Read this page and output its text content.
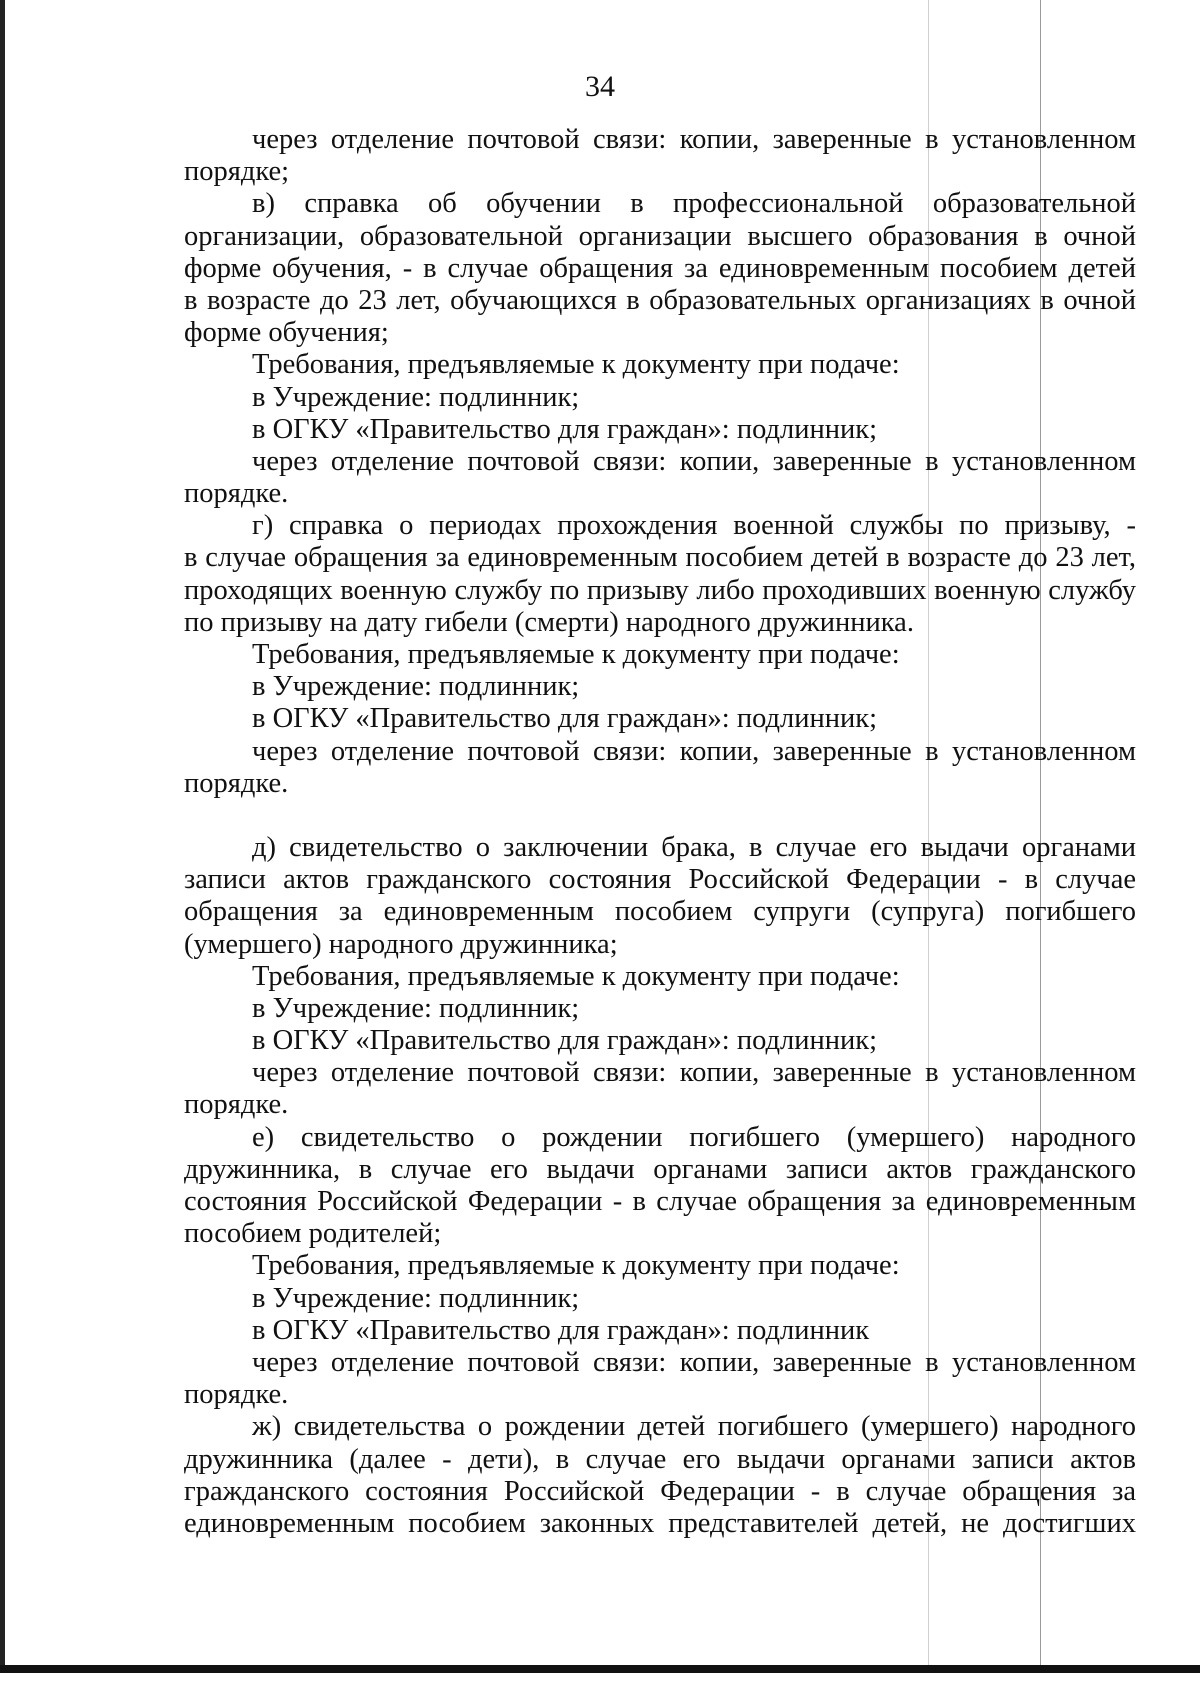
34
через отделение почтовой связи: копии, заверенные в установленном
порядке;
в) справка об обучении в профессиональной образовательной
организации, образовательной организации высшего образования в очной
форме обучения, - в случае обращения за единовременным пособием детей
в возрасте до 23 лет, обучающихся в образовательных организациях в очной
форме обучения;
Требования, предъявляемые к документу при подаче:
в Учреждение: подлинник;
в ОГКУ «Правительство для граждан»: подлинник;
через отделение почтовой связи: копии, заверенные в установленном
порядке.
г) справка о периодах прохождения военной службы по призыву, -
в случае обращения за единовременным пособием детей в возрасте до 23 лет,
проходящих военную службу по призыву либо проходивших военную службу
по призыву на дату гибели (смерти) народного дружинника.
Требования, предъявляемые к документу при подаче:
в Учреждение: подлинник;
в ОГКУ «Правительство для граждан»: подлинник;
через отделение почтовой связи: копии, заверенные в установленном
порядке.
д) свидетельство о заключении брака, в случае его выдачи органами
записи актов гражданского состояния Российской Федерации - в случае
обращения за единовременным пособием супруги (супруга) погибшего
(умершего) народного дружинника;
Требования, предъявляемые к документу при подаче:
в Учреждение: подлинник;
в ОГКУ «Правительство для граждан»: подлинник;
через отделение почтовой связи: копии, заверенные в установленном
порядке.
е) свидетельство о рождении погибшего (умершего) народного
дружинника, в случае его выдачи органами записи актов гражданского
состояния Российской Федерации - в случае обращения за единовременным
пособием родителей;
Требования, предъявляемые к документу при подаче:
в Учреждение: подлинник;
в ОГКУ «Правительство для граждан»: подлинник
через отделение почтовой связи: копии, заверенные в установленном
порядке.
ж) свидетельства о рождении детей погибшего (умершего) народного
дружинника (далее - дети), в случае его выдачи органами записи актов
гражданского состояния Российской Федерации - в случае обращения за
единовременным пособием законных представителей детей, не достигших
